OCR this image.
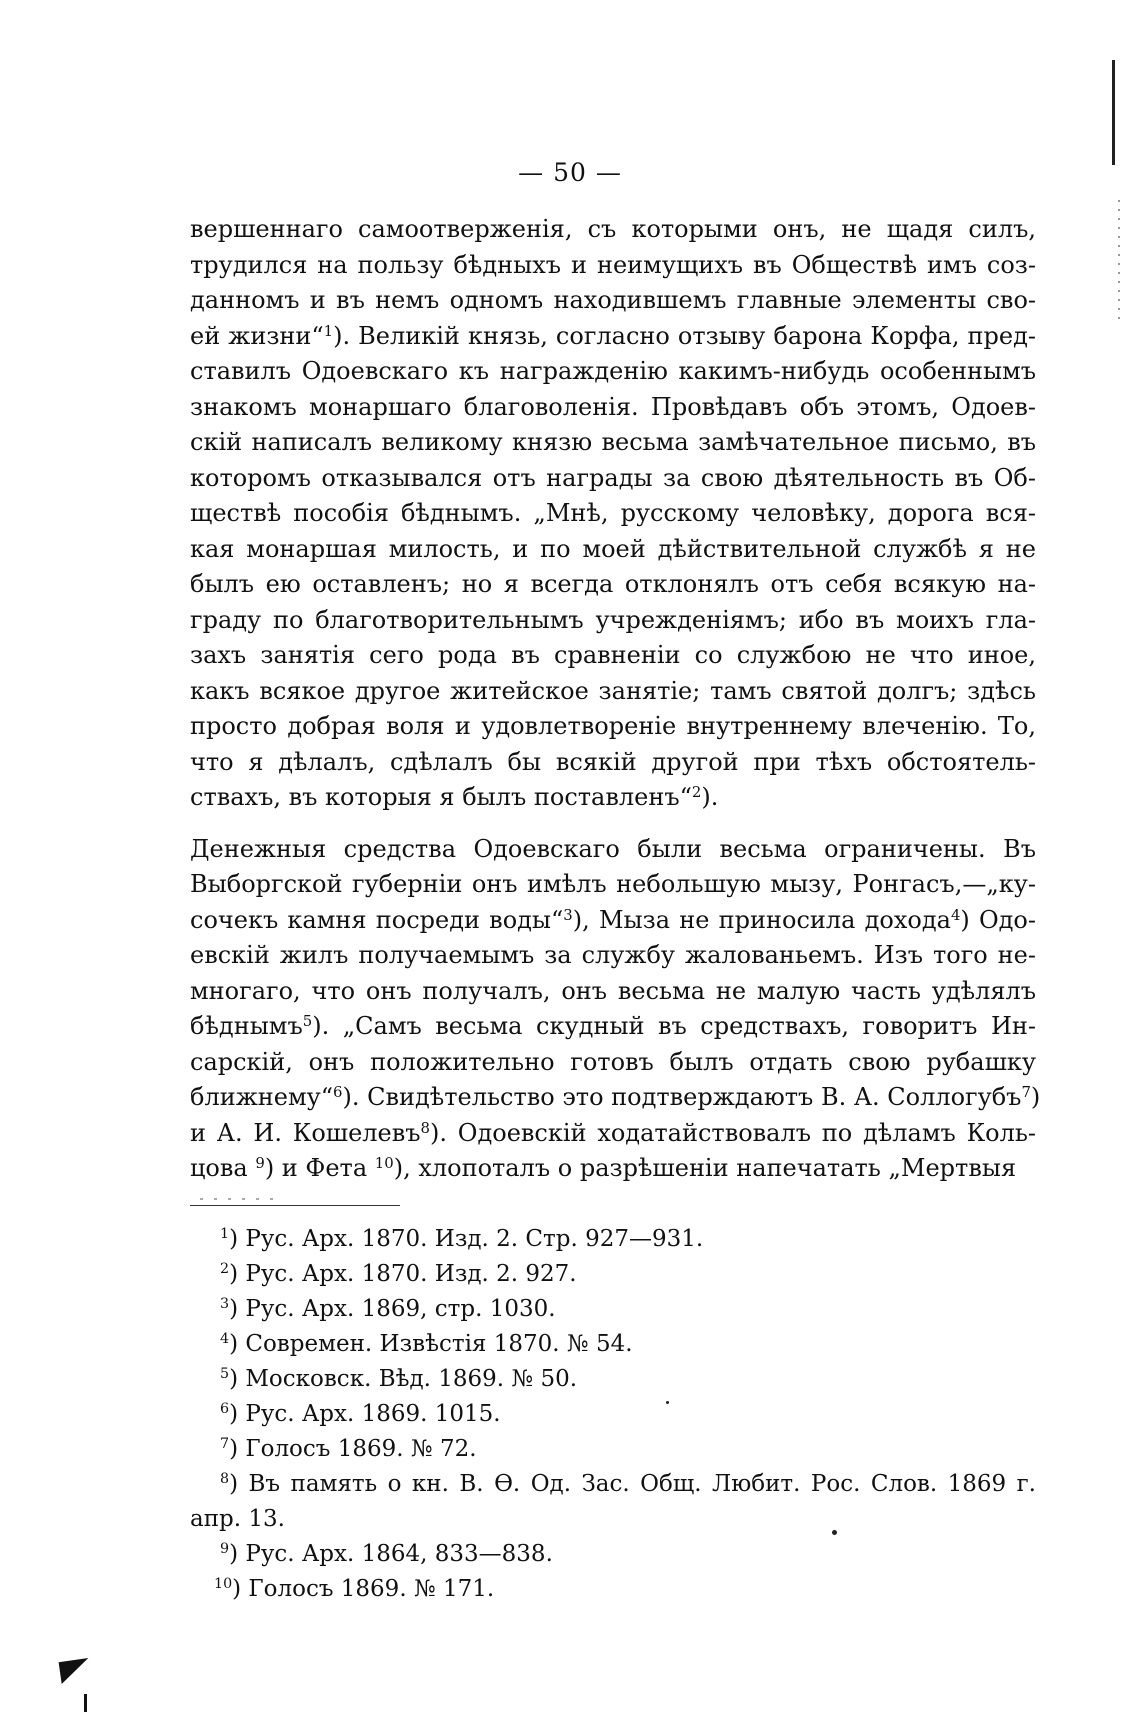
— 50 —
вершеннаго самоотверженія, съ которыми онъ, не щадя силъ,
трудился на пользу бѣдныхъ и неимущихъ въ Обществѣ имъ соз-
данномъ и въ немъ одномъ находившемъ главные элементы сво-
ей жизни“$^1$). Великій князь, согласно отзыву барона Корфа, пред-
ставилъ Одоевскаго къ награжденію какимъ-нибудь особеннымъ
знакомъ монаршаго благоволенія. Провѣдавъ объ этомъ, Одоев-
скій написалъ великому князю весьма замѣчательное письмо, въ
которомъ отказывался отъ награды за свою дѣятельность въ Об-
ществѣ пособія бѣднымъ. „Мнѣ, русскому человѣку, дорога вся-
кая монаршая милость, и по моей дѣйствительной службѣ я не
былъ ею оставленъ; но я всегда отклонялъ отъ себя всякую на-
граду по благотворительнымъ учрежденіямъ; ибо въ моихъ гла-
захъ занятія сего рода въ сравненіи со службою не что иное,
какъ всякое другое житейское занятіе; тамъ святой долгъ; здѣсь
просто добрая воля и удовлетвореніе внутреннему влеченію. То,
что я дѣлалъ, сдѣлалъ бы всякій другой при тѣхъ обстоятель-
ствахъ, въ которыя я былъ поставленъ“$^2$).
Денежныя средства Одоевскаго были весьма ограничены. Въ
Выборгской губерніи онъ имѣлъ небольшую мызу, Ронгасъ,—„ку-
сочекъ камня посреди воды“$^3$), Мыза не приносила дохода$^4$) Одо-
евскій жилъ получаемымъ за службу жалованьемъ. Изъ того не-
многаго, что онъ получалъ, онъ весьма не малую часть удѣлялъ
бѣднымъ$^5$). „Самъ весьма скудный въ средствахъ, говоритъ Ин-
сарскій, онъ положительно готовъ былъ отдать свою рубашку
ближнему“$^6$). Свидѣтельство это подтверждаютъ В. А. Соллогубъ$^7$)
и А. И. Кошелевъ$^8$). Одоевскій ходатайствовалъ по дѣламъ Коль-
цова $^9$) и Фета $^{10}$), хлопоталъ о разрѣшеніи напечатать „Мертвыя
$^1$) Рус. Арх. 1870. Изд. 2. Стр. 927—931.
$^2$) Рус. Арх. 1870. Изд. 2. 927.
$^3$) Рус. Арх. 1869, стр. 1030.
$^4$) Современ. Извѣстія 1870. № 54.
$^5$) Московск. Вѣд. 1869. № 50.
$^6$) Рус. Арх. 1869. 1015.
$^7$) Голосъ 1869. № 72.
$^8$) Въ память о кн. В. Ѳ. Од. Зас. Общ. Любит. Рос. Слов. 1869 г.
апр. 13.
$^9$) Рус. Арх. 1864, 833—838.
$^{10}$) Голосъ 1869. № 171.
